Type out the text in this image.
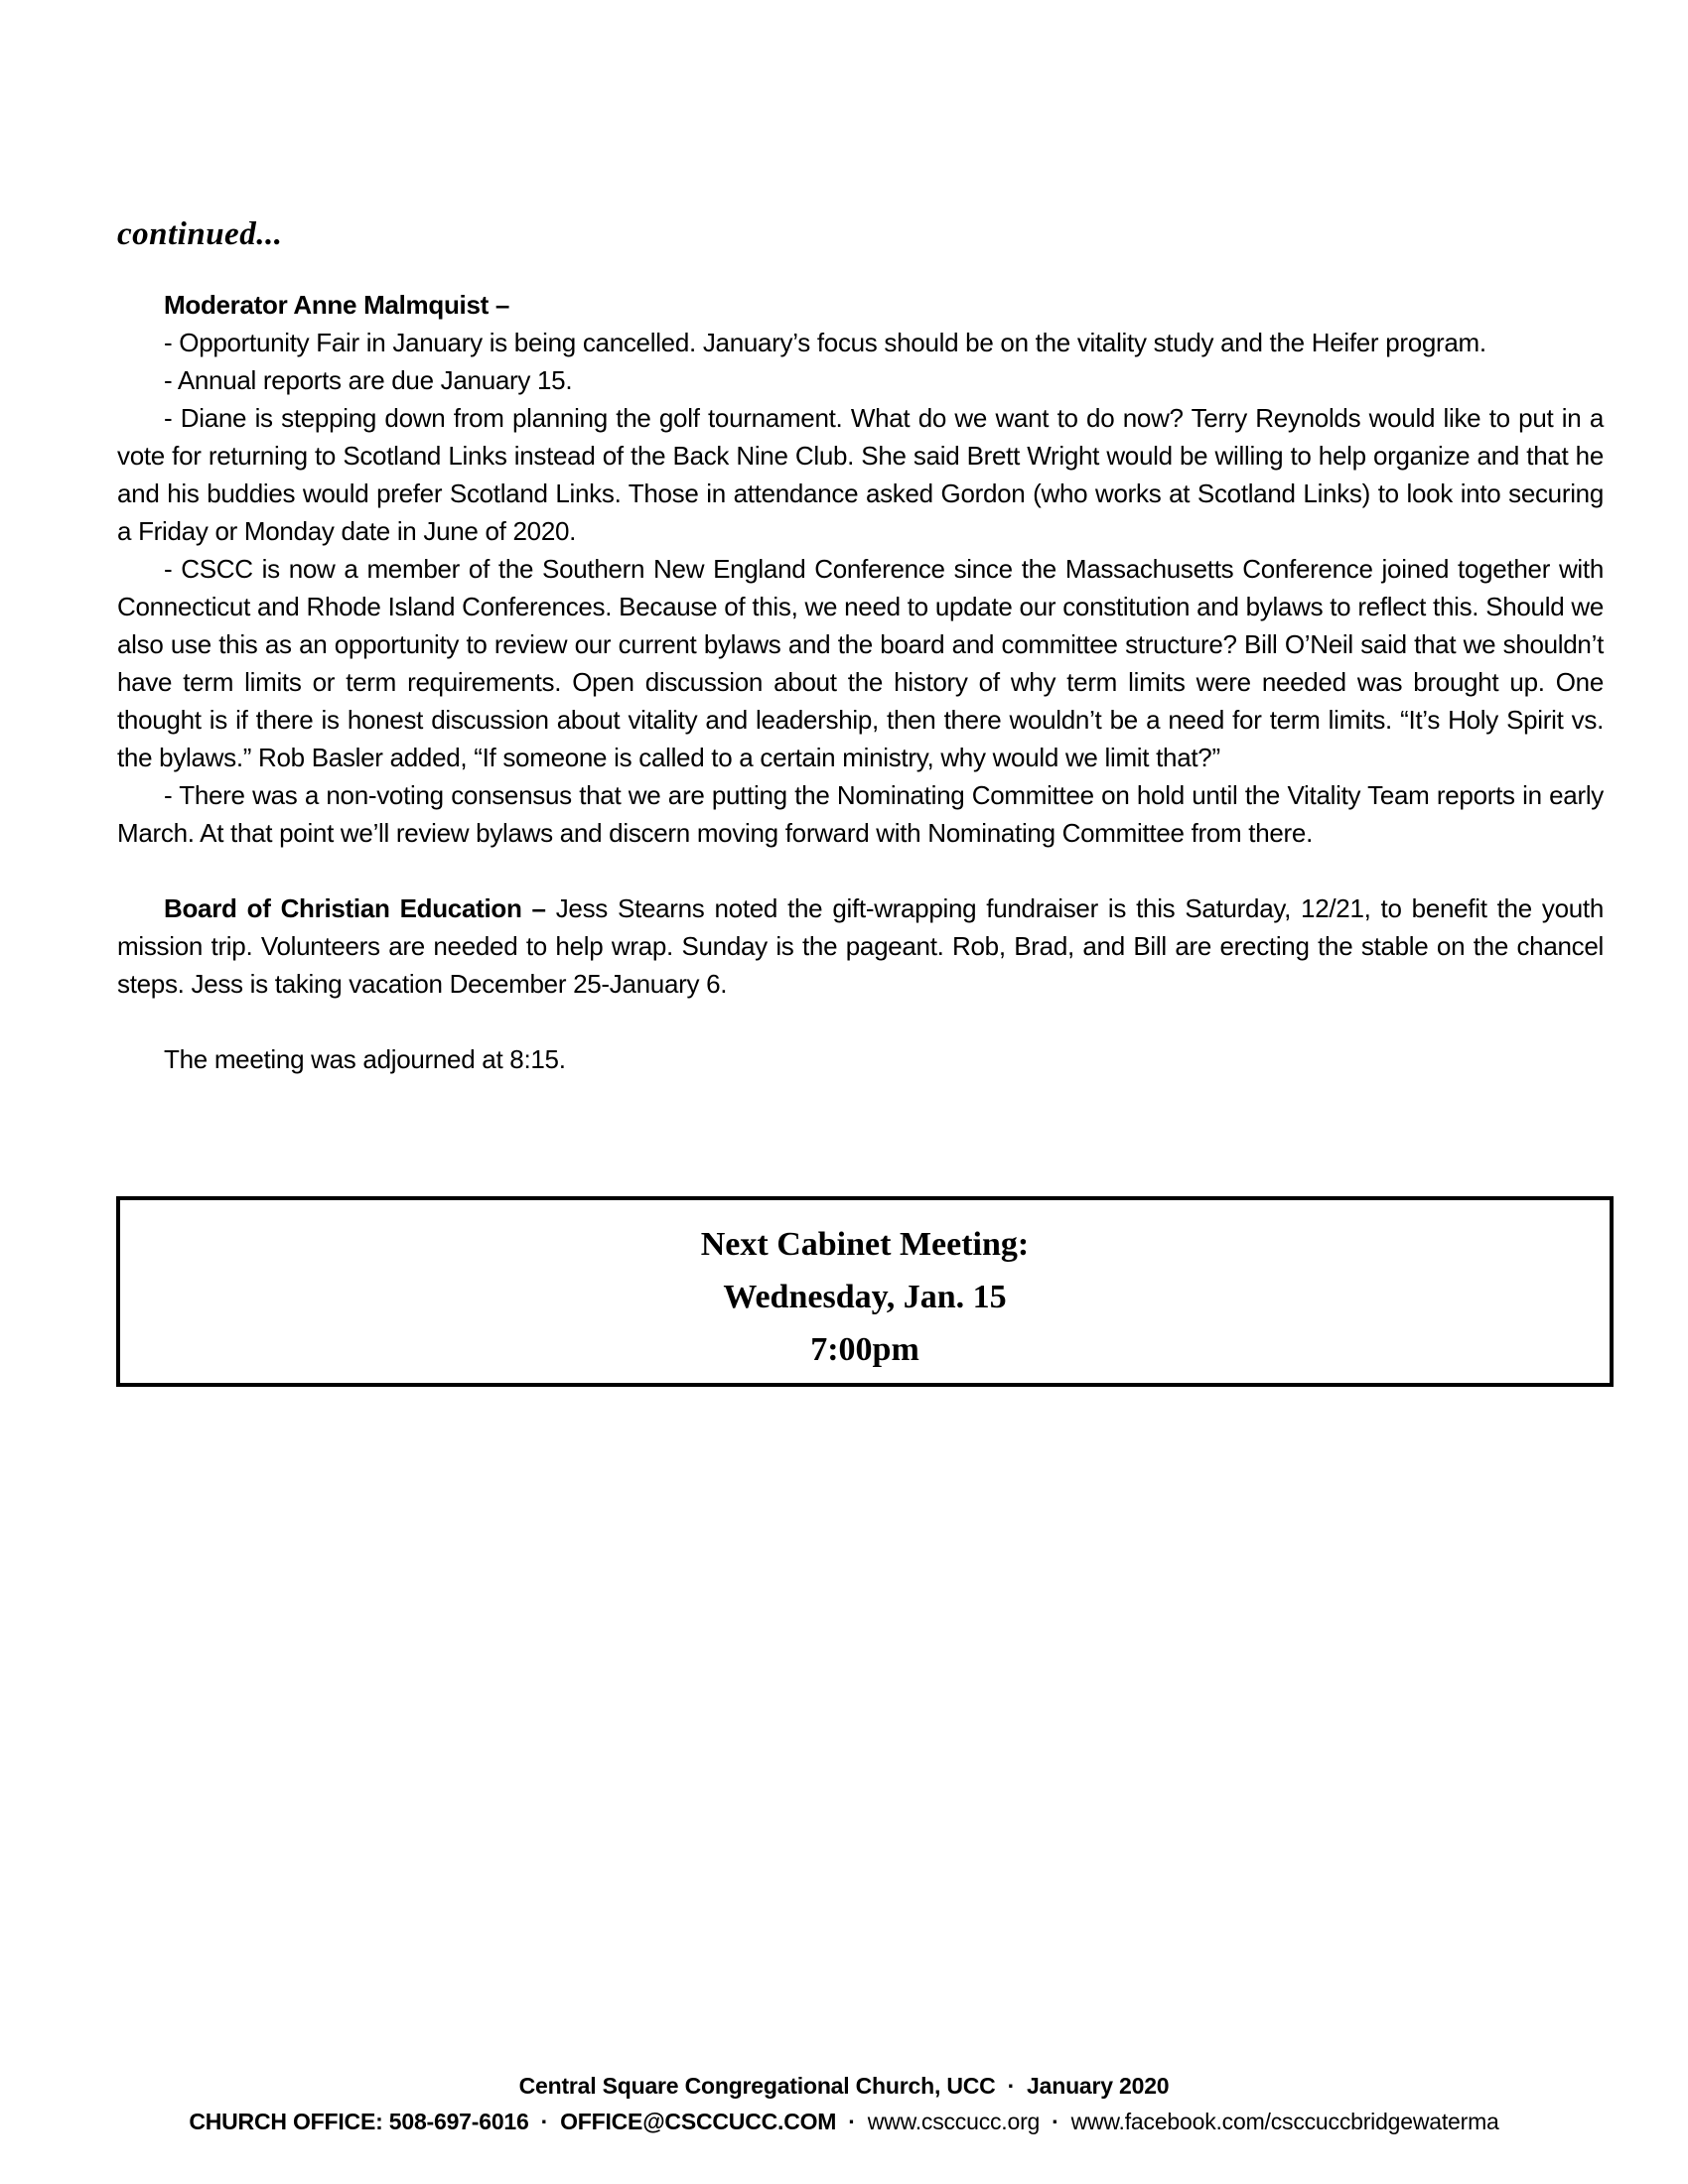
continued...

Moderator Anne Malmquist –

- Opportunity Fair in January is being cancelled. January’s focus should be on the vitality study and the Heifer program.

- Annual reports are due January 15.

- Diane is stepping down from planning the golf tournament. What do we want to do now? Terry Reynolds would like to put in a vote for returning to Scotland Links instead of the Back Nine Club. She said Brett Wright would be willing to help organize and that he and his buddies would prefer Scotland Links. Those in attendance asked Gordon (who works at Scotland Links) to look into securing a Friday or Monday date in June of 2020.

- CSCC is now a member of the Southern New England Conference since the Massachusetts Conference joined together with Connecticut and Rhode Island Conferences. Because of this, we need to update our constitution and bylaws to reflect this. Should we also use this as an opportunity to review our current bylaws and the board and committee structure? Bill O’Neil said that we shouldn’t have term limits or term requirements. Open discussion about the history of why term limits were needed was brought up. One thought is if there is honest discussion about vitality and leadership, then there wouldn’t be a need for term limits. “It’s Holy Spirit vs. the bylaws.” Rob Basler added, “If someone is called to a certain ministry, why would we limit that?”

- There was a non-voting consensus that we are putting the Nominating Committee on hold until the Vitality Team reports in early March. At that point we’ll review bylaws and discern moving forward with Nominating Committee from there.

Board of Christian Education – Jess Stearns noted the gift-wrapping fundraiser is this Saturday, 12/21, to benefit the youth mission trip. Volunteers are needed to help wrap. Sunday is the pageant. Rob, Brad, and Bill are erecting the stable on the chancel steps. Jess is taking vacation December 25-January 6.

The meeting was adjourned at 8:15.

Next Cabinet Meeting:
Wednesday, Jan. 15
7:00pm
Central Square Congregational Church, UCC · January 2020
CHURCH OFFICE: 508-697-6016 · OFFICE@CSCCUCC.COM · www.csccucc.org · www.facebook.com/csccuccbridgewaterma
